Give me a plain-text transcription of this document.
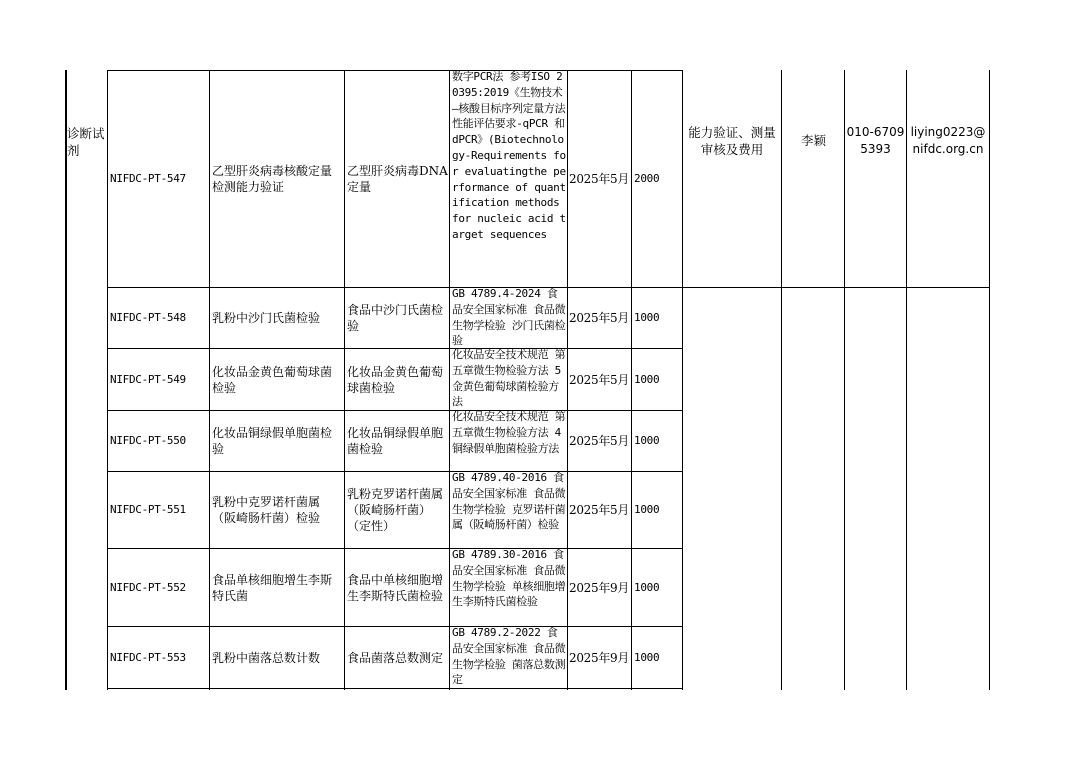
诊断试剂
NIFDC-PT-547
乙型肝炎病毒核酸定量检测能力验证
乙型肝炎病毒DNA定量
数字PCR法 参考ISO 20395:2019《生物技术—核酸目标序列定量方法性能评估要求-qPCR 和dPCR》(Biotechnology-Requirements for evaluatingthe performance of quantification methods for nucleic acid target sequences
2025年5月 2000
NIFDC-PT-548 乳粉中沙门氏菌检验
食品中沙门氏菌检验
GB 4789.4-2024 食品安全国家标准 食品微生物学检验 沙门氏菌检验
2025年5月 1000
NIFDC-PT-549
化妆品金黄色葡萄球菌检验
化妆品金黄色葡萄球菌检验
化妆品安全技术规范 第五章微生物检验方法 5 金黄色葡萄球菌检验方法
2025年5月 1000
NIFDC-PT-550
化妆品铜绿假单胞菌检验
化妆品铜绿假单胞菌检验
化妆品安全技术规范 第五章微生物检验方法 4 铜绿假单胞菌检验方法
2025年5月 1000
NIFDC-PT-551
乳粉中克罗诺杆菌属（阪崎肠杆菌）检验
乳粉克罗诺杆菌属（阪崎肠杆菌）（定性）
GB 4789.40-2016 食品安全国家标准 食品微生物学检验 克罗诺杆菌属（阪崎肠杆菌）检验
2025年5月 1000
NIFDC-PT-552
食品单核细胞增生李斯特氏菌
食品中单核细胞增生李斯特氏菌检验
GB 4789.30-2016 食品安全国家标准 食品微生物学检验 单核细胞增生李斯特氏菌检验
2025年9月 1000
NIFDC-PT-553 乳粉中菌落总数计数 食品菌落总数测定
GB 4789.2-2022 食品安全国家标准 食品微生物学检验 菌落总数测定
2025年9月 1000
能力验证、测量审核及费用
李颖
010-67095393
liying0223@nifdc.org.cn
